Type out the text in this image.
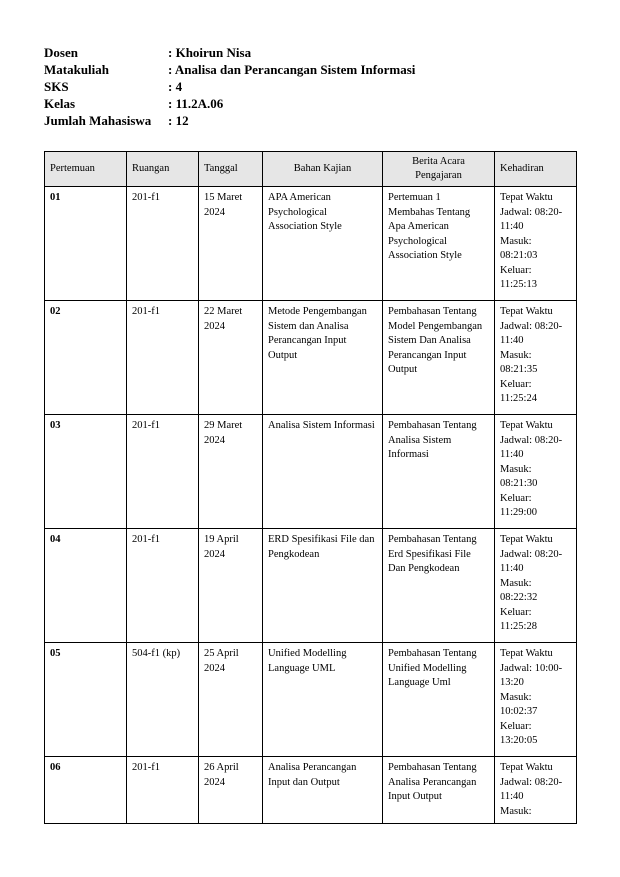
Dosen	: Khoirun Nisa
Matakuliah	: Analisa dan Perancangan Sistem Informasi
SKS	: 4
Kelas	: 11.2A.06
Jumlah Mahasiswa	: 12
Pertemuan	Ruangan	Tanggal	Bahan Kajian	Berita Acara Pengajaran	Kehadiran
01	201-f1	15 Maret 2024	APA American Psychological Association Style	Pertemuan 1 Membahas Tentang Apa American Psychological Association Style	Tepat Waktu
Jadwal: 08:20-11:40
Masuk: 08:21:03
Keluar: 11:25:13

02	201-f1	22 Maret 2024	Metode Pengembangan Sistem dan Analisa Perancangan Input Output	Pembahasan Tentang Model Pengembangan Sistem Dan Analisa Perancangan Input Output	Tepat Waktu
Jadwal: 08:20-11:40
Masuk: 08:21:35
Keluar: 11:25:24

03	201-f1	29 Maret 2024	Analisa Sistem Informasi	Pembahasan Tentang Analisa Sistem Informasi	Tepat Waktu
Jadwal: 08:20-11:40
Masuk: 08:21:30
Keluar: 11:29:00

04	201-f1	19 April 2024	ERD Spesifikasi File dan Pengkodean	Pembahasan Tentang Erd Spesifikasi File Dan Pengkodean	Tepat Waktu
Jadwal: 08:20-11:40
Masuk: 08:22:32
Keluar: 11:25:28

05	504-f1 (kp)	25 April 2024	Unified Modelling Language UML	Pembahasan Tentang Unified Modelling Language Uml	Tepat Waktu
Jadwal: 10:00-13:20
Masuk: 10:02:37
Keluar: 13:20:05

06	201-f1	26 April 2024	Analisa Perancangan Input dan Output	Pembahasan Tentang Analisa Perancangan Input Output	Tepat Waktu
Jadwal: 08:20-11:40
Masuk:
